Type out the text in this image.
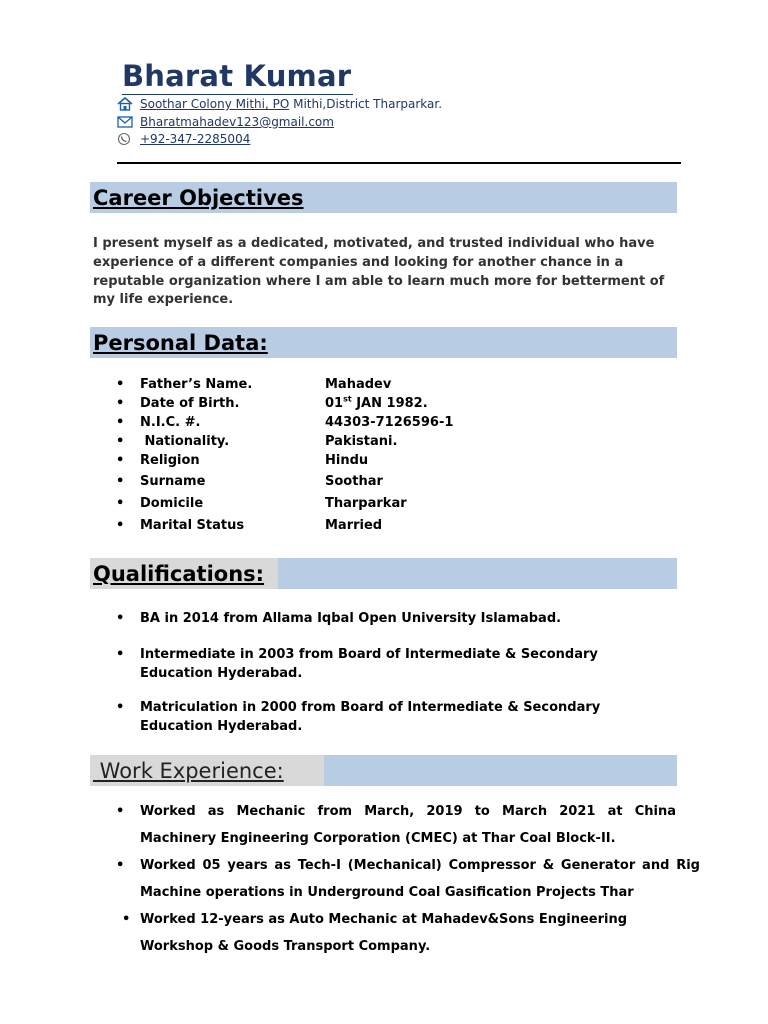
Bharat Kumar
Soothar Colony Mithi, PO Mithi,District Tharparkar.
Bharatmahadev123@gmail.com
+92-347-2285004
Career Objectives

I present myself as a dedicated, motivated, and trusted individual who have experience of a different companies and looking for another chance in a reputable organization where I am able to learn much more for betterment of my life experience.

Personal Data:
• Father’s Name.	Mahadev
• Date of Birth.	01st JAN 1982.
• N.I.C. #.	44303-7126596-1
• Nationality.	Pakistani.
• Religion	Hindu
• Surname	Soothar
• Domicile	Tharparkar
• Marital Status	Married
Qualifications:
• BA in 2014 from Allama Iqbal Open University Islamabad.
• Intermediate in 2003 from Board of Intermediate & Secondary Education Hyderabad.
• Matriculation in 2000 from Board of Intermediate & Secondary Education Hyderabad.
Work Experience:
• Worked as Mechanic from March, 2019 to March 2021 at China Machinery Engineering Corporation (CMEC) at Thar Coal Block-II.
• Worked 05 years as Tech-I (Mechanical) Compressor & Generator and Rig Machine operations in Underground Coal Gasification Projects Thar
• Worked 12-years as Auto Mechanic at Mahadev&Sons Engineering Workshop & Goods Transport Company.
